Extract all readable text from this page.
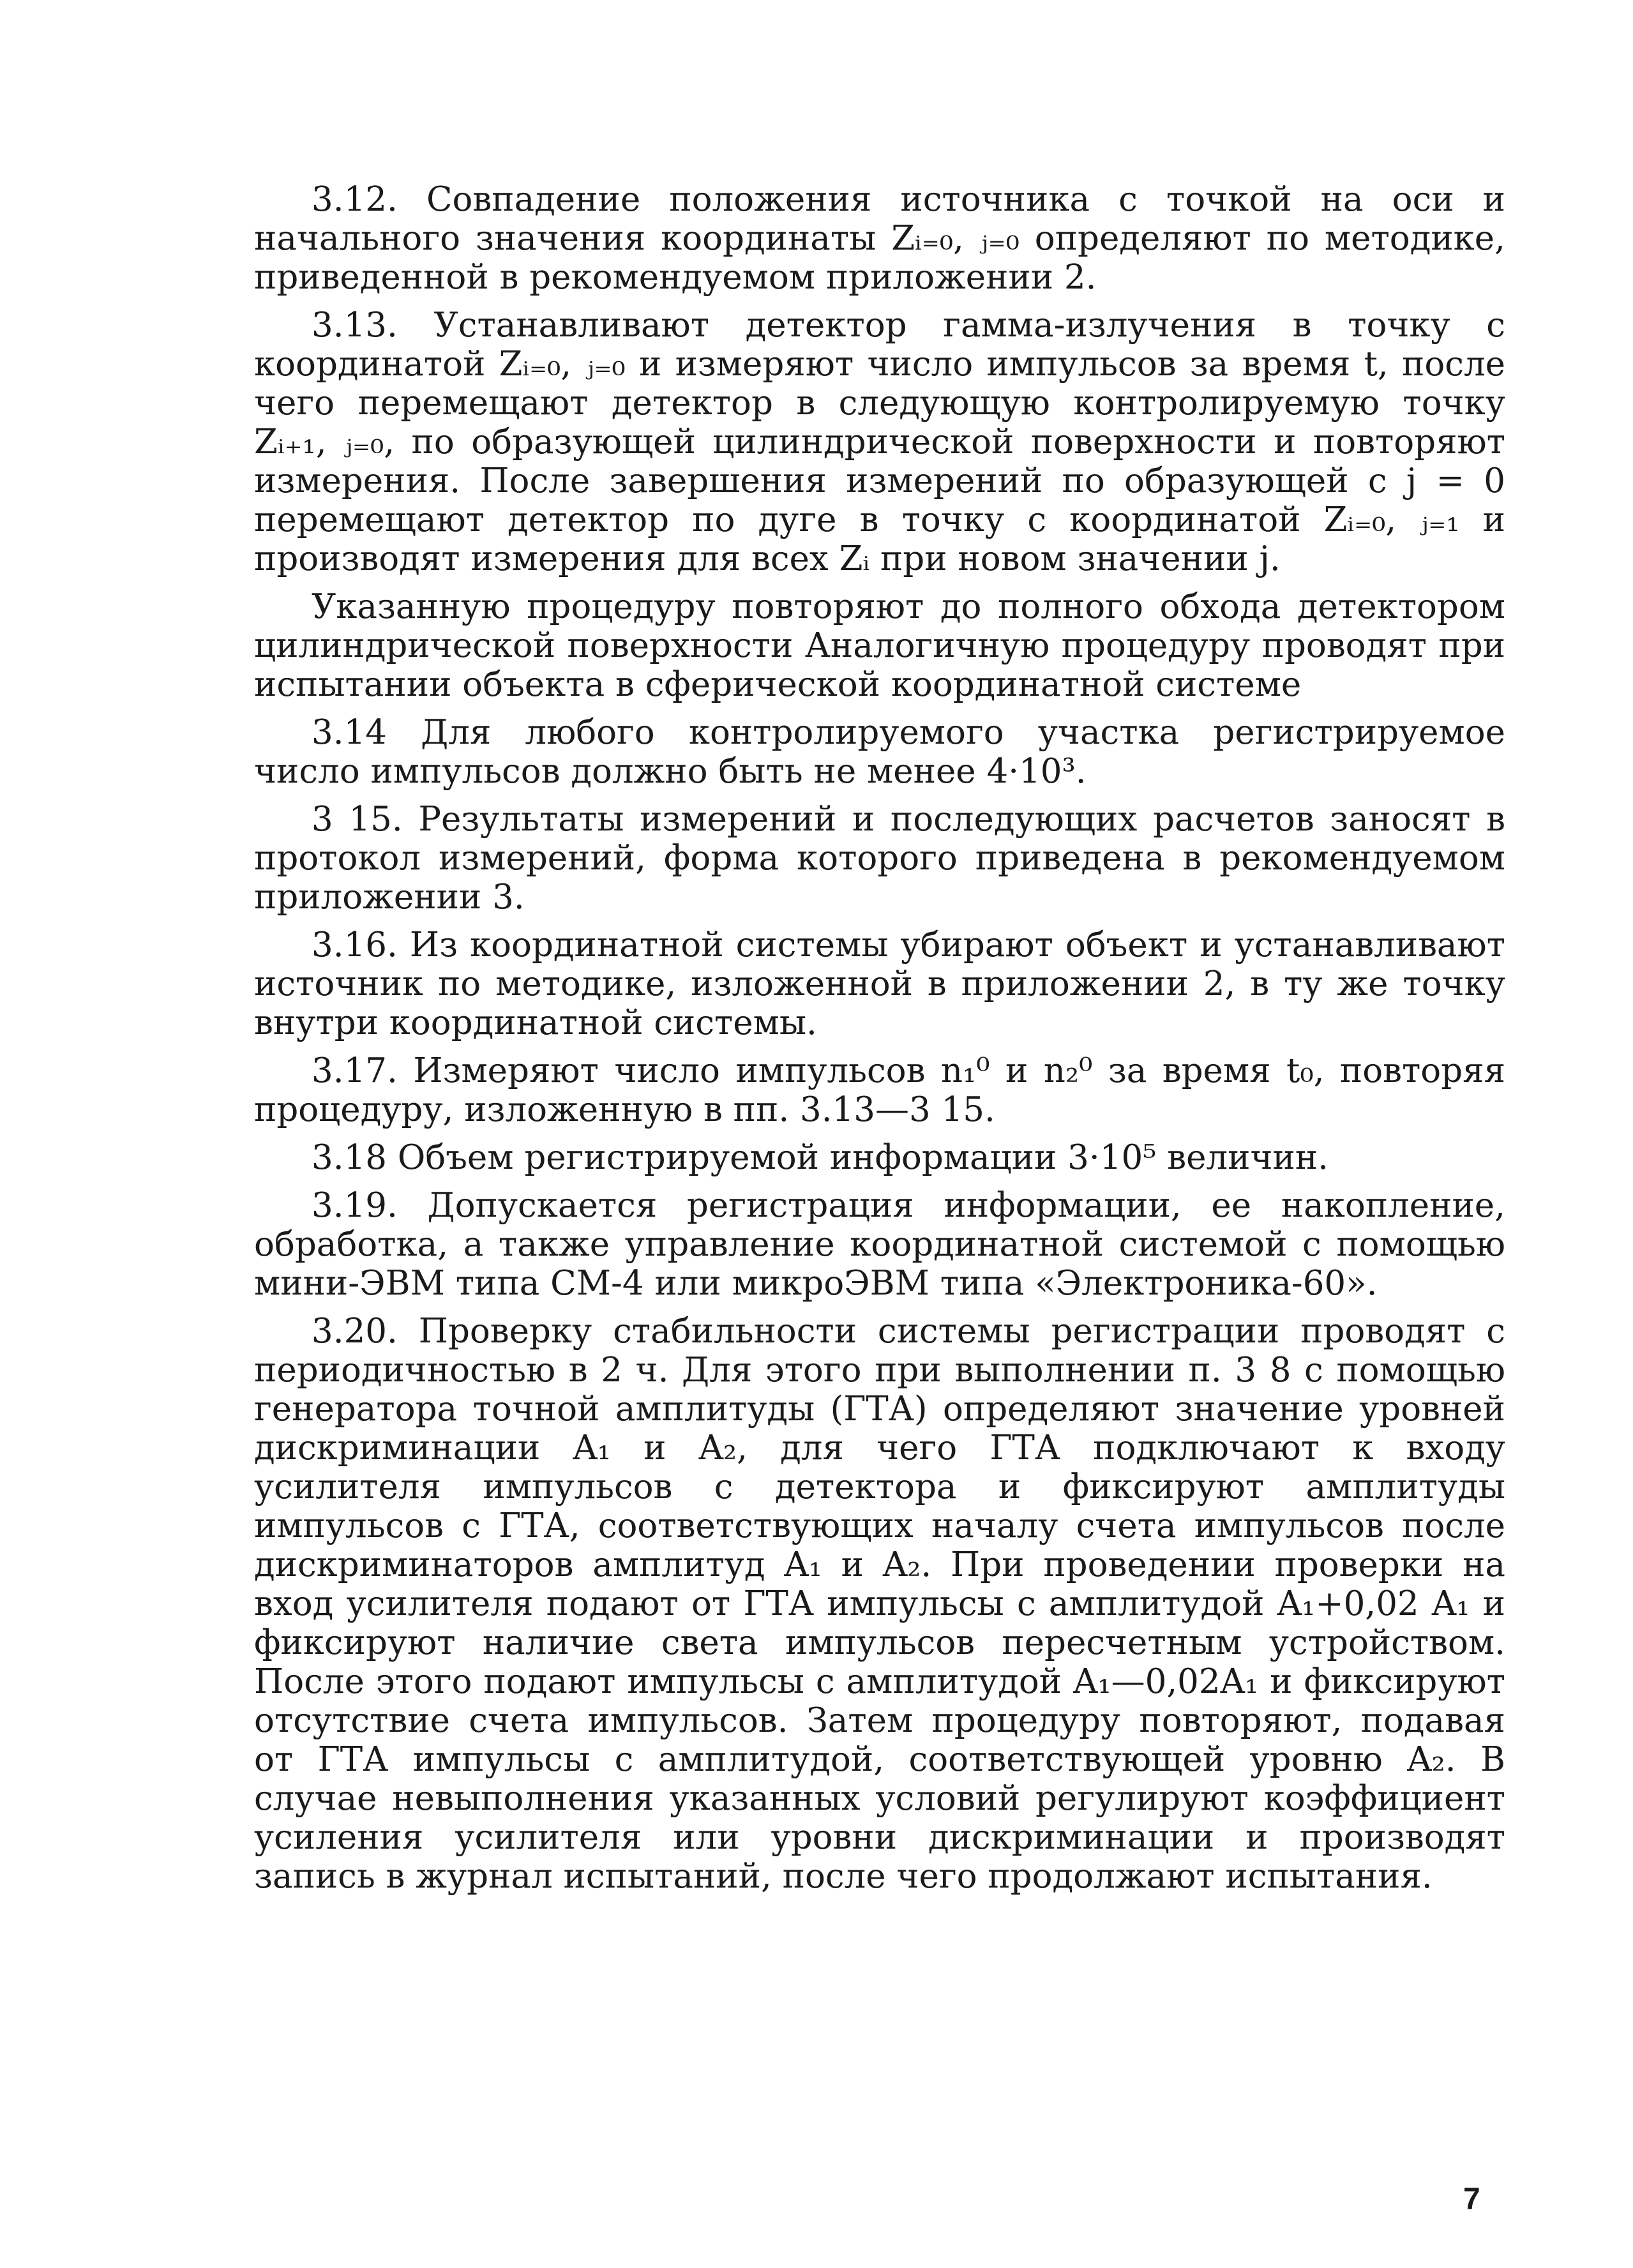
3.12. Совпадение положения источника с точкой на оси и начального значения координаты Zᵢ₌₀, ⱼ₌₀ определяют по методике, приведенной в рекомендуемом приложении 2.

3.13. Устанавливают детектор гамма-излучения в точку с координатой Zᵢ₌₀, ⱼ₌₀ и измеряют число импульсов за время t, после чего перемещают детектор в следующую контролируемую точку Zᵢ₊₁, ⱼ₌₀, по образующей цилиндрической поверхности и повторяют измерения. После завершения измерений по образующей с j = 0 перемещают детектор по дуге в точку с координатой Zᵢ₌₀, ⱼ₌₁ и производят измерения для всех Zᵢ при новом значении j.

Указанную процедуру повторяют до полного обхода детектором цилиндрической поверхности Аналогичную процедуру проводят при испытании объекта в сферической координатной системе

3.14 Для любого контролируемого участка регистрируемое число импульсов должно быть не менее 4·10³.

3 15. Результаты измерений и последующих расчетов заносят в протокол измерений, форма которого приведена в рекомендуемом приложении 3.

3.16. Из координатной системы убирают объект и устанавливают источник по методике, изложенной в приложении 2, в ту же точку внутри координатной системы.

3.17. Измеряют число импульсов n₁⁰ и n₂⁰ за время t₀, повторяя процедуру, изложенную в пп. 3.13—3 15.

3.18 Объем регистрируемой информации 3·10⁵ величин.

3.19. Допускается регистрация информации, ее накопление, обработка, а также управление координатной системой с помощью мини-ЭВМ типа СМ-4 или микроЭВМ типа «Электроника-60».

3.20. Проверку стабильности системы регистрации проводят с периодичностью в 2 ч. Для этого при выполнении п. 3 8 с помощью генератора точной амплитуды (ГТА) определяют значение уровней дискриминации A₁ и A₂, для чего ГТА подключают к входу усилителя импульсов с детектора и фиксируют амплитуды импульсов с ГТА, соответствующих началу счета импульсов после дискриминаторов амплитуд A₁ и A₂. При проведении проверки на вход усилителя подают от ГТА импульсы с амплитудой A₁+0,02 A₁ и фиксируют наличие света импульсов пересчетным устройством. После этого подают импульсы с амплитудой A₁—0,02A₁ и фиксируют отсутствие счета импульсов. Затем процедуру повторяют, подавая от ГТА импульсы с амплитудой, соответствующей уровню A₂. В случае невыполнения указанных условий регулируют коэффициент усиления усилителя или уровни дискриминации и производят запись в журнал испытаний, после чего продолжают испытания.

7
